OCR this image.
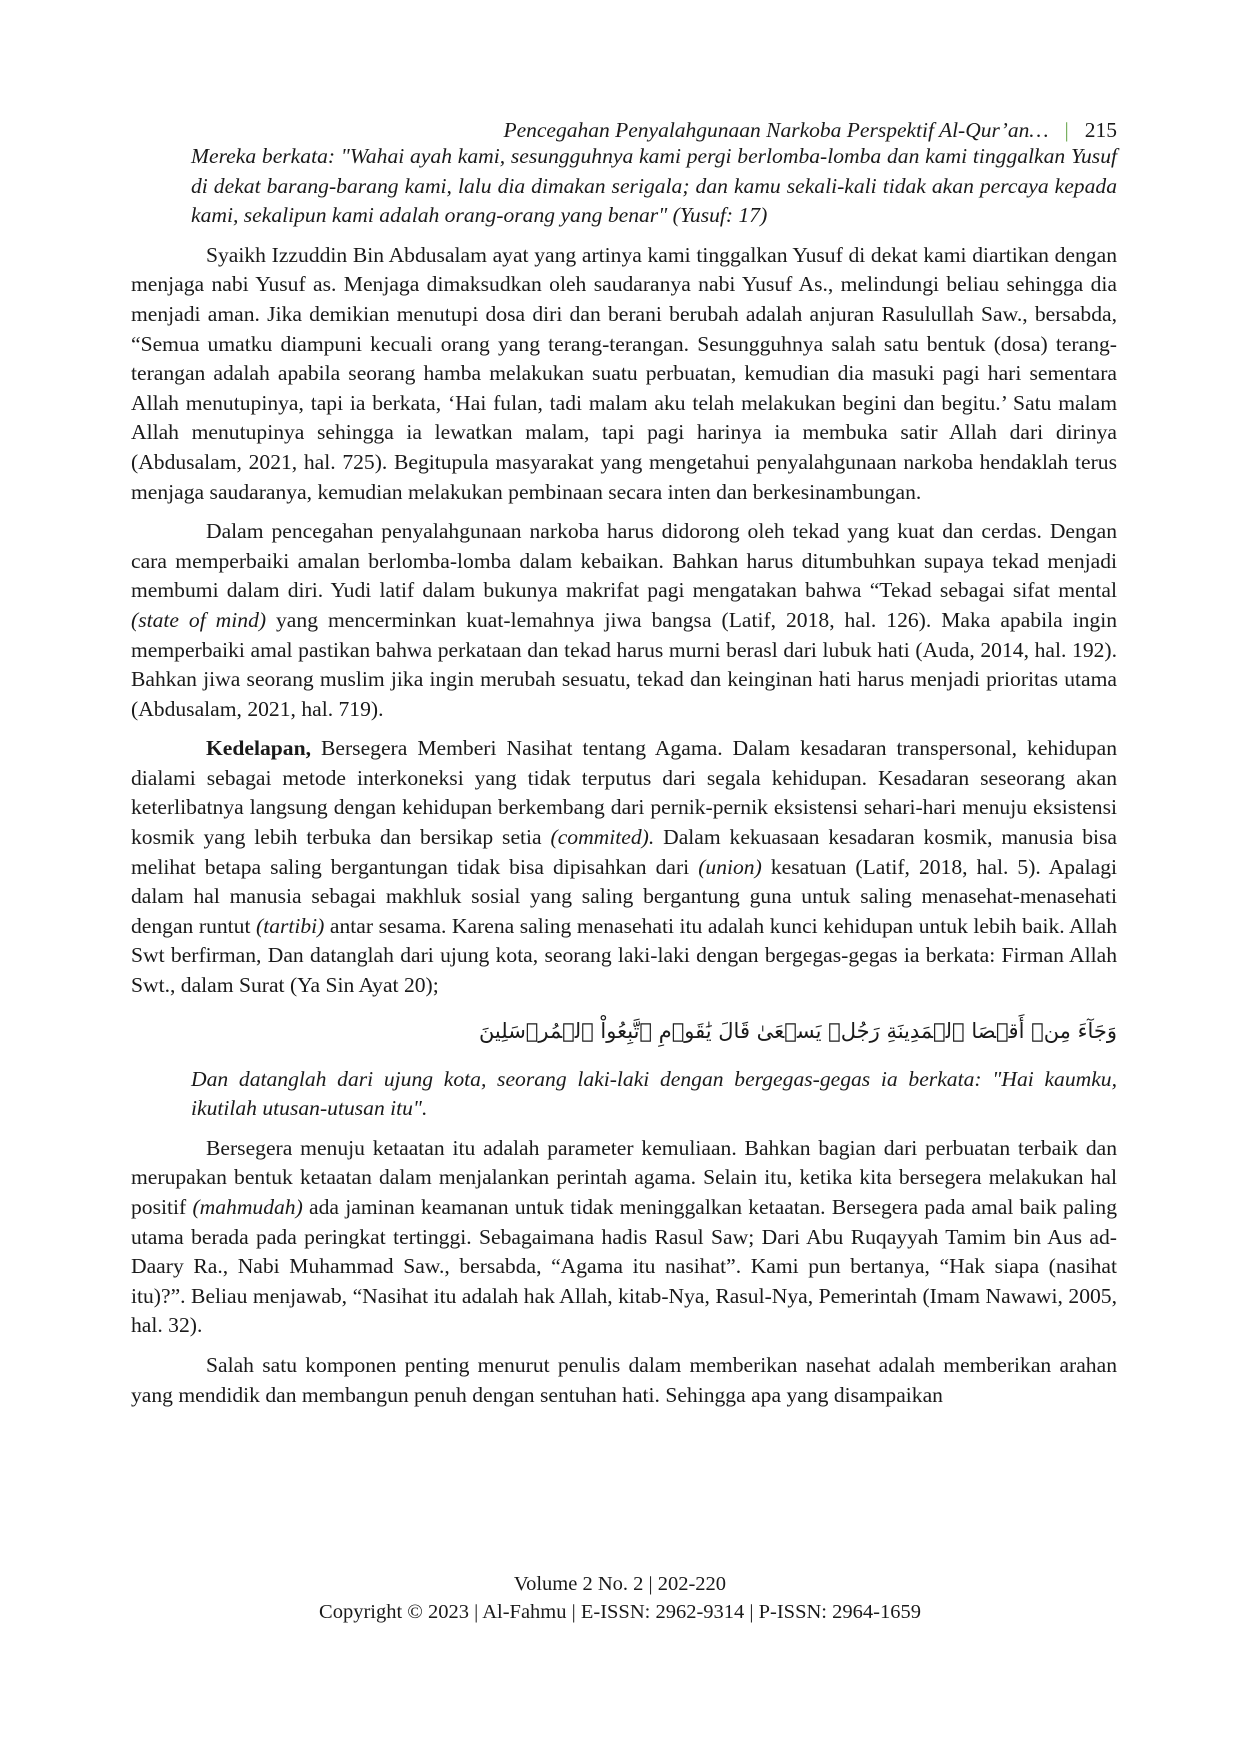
Pencegahan Penyalahgunaan Narkoba Perspektif Al-Qur’an… | 215

Mereka berkata: "Wahai ayah kami, sesungguhnya kami pergi berlomba-lomba dan kami tinggalkan Yusuf di dekat barang-barang kami, lalu dia dimakan serigala; dan kamu sekali-kali tidak akan percaya kepada kami, sekalipun kami adalah orang-orang yang benar" (Yusuf: 17)

Syaikh Izzuddin Bin Abdusalam ayat yang artinya kami tinggalkan Yusuf di dekat kami diartikan dengan menjaga nabi Yusuf as. Menjaga dimaksudkan oleh saudaranya nabi Yusuf As., melindungi beliau sehingga dia menjadi aman. Jika demikian menutupi dosa diri dan berani berubah adalah anjuran Rasulullah Saw., bersabda, “Semua umatku diampuni kecuali orang yang terang-terangan. Sesungguhnya salah satu bentuk (dosa) terang-terangan adalah apabila seorang hamba melakukan suatu perbuatan, kemudian dia masuki pagi hari sementara Allah menutupinya, tapi ia berkata, ‘Hai fulan, tadi malam aku telah melakukan begini dan begitu.’ Satu malam Allah menutupinya sehingga ia lewatkan malam, tapi pagi harinya ia membuka satir Allah dari dirinya (Abdusalam, 2021, hal. 725). Begitupula masyarakat yang mengetahui penyalahgunaan narkoba hendaklah terus menjaga saudaranya, kemudian melakukan pembinaan secara inten dan berkesinambungan.

Dalam pencegahan penyalahgunaan narkoba harus didorong oleh tekad yang kuat dan cerdas. Dengan cara memperbaiki amalan berlomba-lomba dalam kebaikan. Bahkan harus ditumbuhkan supaya tekad menjadi membumi dalam diri. Yudi latif dalam bukunya makrifat pagi mengatakan bahwa “Tekad sebagai sifat mental (state of mind) yang mencerminkan kuat-lemahnya jiwa bangsa (Latif, 2018, hal. 126). Maka apabila ingin memperbaiki amal pastikan bahwa perkataan dan tekad harus murni berasl dari lubuk hati (Auda, 2014, hal. 192). Bahkan jiwa seorang muslim jika ingin merubah sesuatu, tekad dan keinginan hati harus menjadi prioritas utama (Abdusalam, 2021, hal. 719).

Kedelapan, Bersegera Memberi Nasihat tentang Agama. Dalam kesadaran transpersonal, kehidupan dialami sebagai metode interkoneksi yang tidak terputus dari segala kehidupan. Kesadaran seseorang akan keterlibatnya langsung dengan kehidupan berkembang dari pernik-pernik eksistensi sehari-hari menuju eksistensi kosmik yang lebih terbuka dan bersikap setia (commited). Dalam kekuasaan kesadaran kosmik, manusia bisa melihat betapa saling bergantungan tidak bisa dipisahkan dari (union) kesatuan (Latif, 2018, hal. 5). Apalagi dalam hal manusia sebagai makhluk sosial yang saling bergantung guna untuk saling menasehat-menasehati dengan runtut (tartibi) antar sesama. Karena saling menasehati itu adalah kunci kehidupan untuk lebih baik. Allah Swt berfirman, Dan datanglah dari ujung kota, seorang laki-laki dengan bergegas-gegas ia berkata: Firman Allah Swt., dalam Surat (Ya Sin Ayat 20);

وَجَآءَ مِنۡ أَقۡصَا ٱلۡمَدِينَةِ رَجُلٞ يَسۡعَىٰ قَالَ يَٰقَوۡمِ ٱتَّبِعُواْ ٱلۡمُرۡسَلِينَ

Dan datanglah dari ujung kota, seorang laki-laki dengan bergegas-gegas ia berkata: "Hai kaumku, ikutilah utusan-utusan itu".

Bersegera menuju ketaatan itu adalah parameter kemuliaan. Bahkan bagian dari perbuatan terbaik dan merupakan bentuk ketaatan dalam menjalankan perintah agama. Selain itu, ketika kita bersegera melakukan hal positif (mahmudah) ada jaminan keamanan untuk tidak meninggalkan ketaatan. Bersegera pada amal baik paling utama berada pada peringkat tertinggi. Sebagaimana hadis Rasul Saw; Dari Abu Ruqayyah Tamim bin Aus ad-Daary Ra., Nabi Muhammad Saw., bersabda, “Agama itu nasihat”. Kami pun bertanya, “Hak siapa (nasihat itu)?”. Beliau menjawab, “Nasihat itu adalah hak Allah, kitab-Nya, Rasul-Nya, Pemerintah (Imam Nawawi, 2005, hal. 32).

Salah satu komponen penting menurut penulis dalam memberikan nasehat adalah memberikan arahan yang mendidik dan membangun penuh dengan sentuhan hati. Sehingga apa yang disampaikan

Volume 2 No. 2 | 202-220
Copyright © 2023 | Al-Fahmu | E-ISSN: 2962-9314 | P-ISSN: 2964-1659
